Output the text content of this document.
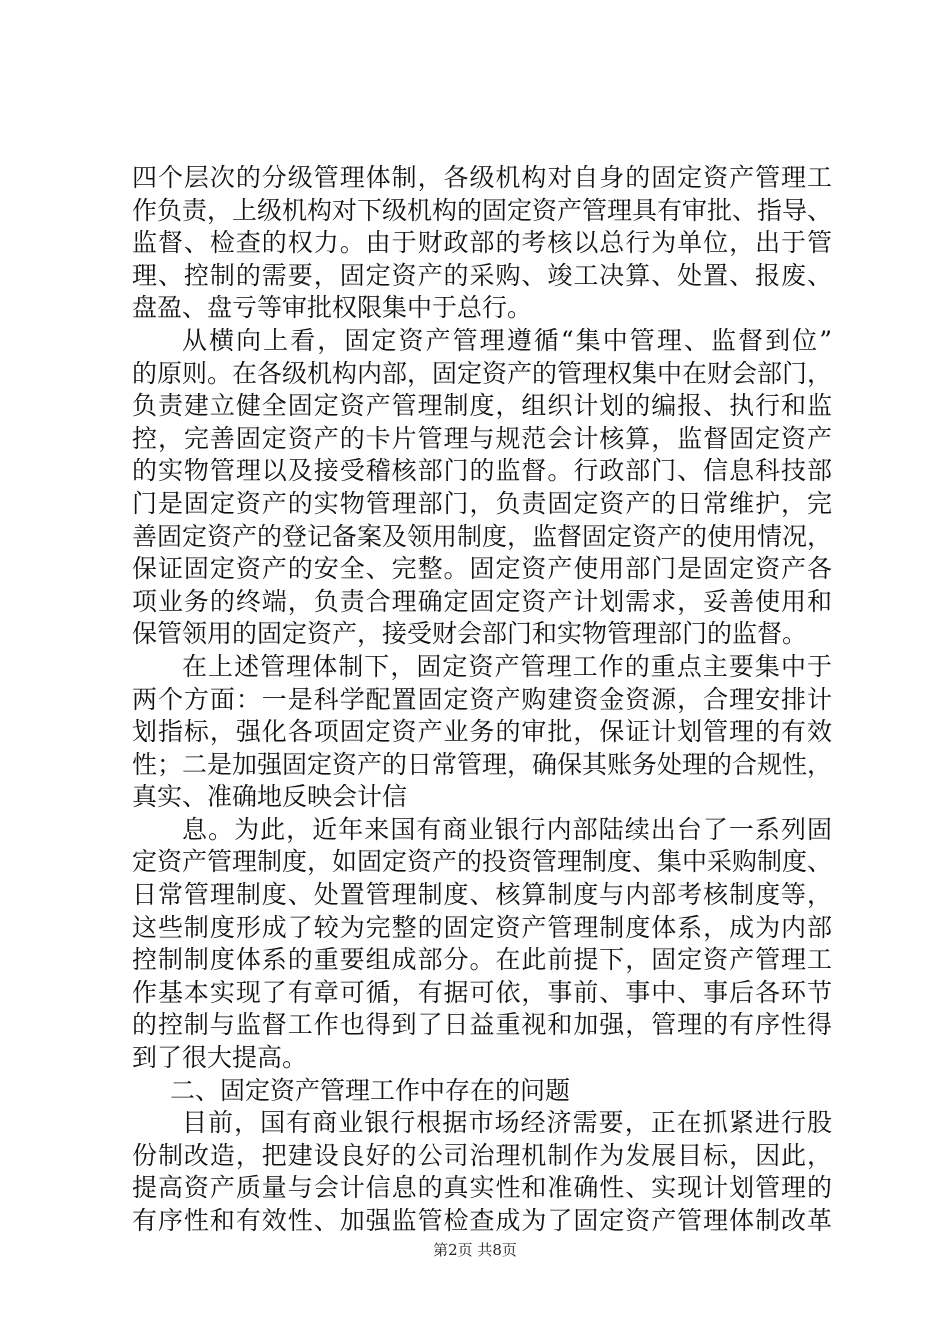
四个层次的分级管理体制，各级机构对自身的固定资产管理工
作负责，上级机构对下级机构的固定资产管理具有审批、指导、
监督、检查的权力。由于财政部的考核以总行为单位，出于管
理、控制的需要，固定资产的采购、竣工决算、处置、报废、
盘盈、盘亏等审批权限集中于总行。
从横向上看，固定资产管理遵循“集中管理、监督到位”
的原则。在各级机构内部，固定资产的管理权集中在财会部门，
负责建立健全固定资产管理制度，组织计划的编报、执行和监
控，完善固定资产的卡片管理与规范会计核算，监督固定资产
的实物管理以及接受稽核部门的监督。行政部门、信息科技部
门是固定资产的实物管理部门，负责固定资产的日常维护，完
善固定资产的登记备案及领用制度，监督固定资产的使用情况，
保证固定资产的安全、完整。固定资产使用部门是固定资产各
项业务的终端，负责合理确定固定资产计划需求，妥善使用和
保管领用的固定资产，接受财会部门和实物管理部门的监督。
在上述管理体制下，固定资产管理工作的重点主要集中于
两个方面：一是科学配置固定资产购建资金资源，合理安排计
划指标，强化各项固定资产业务的审批，保证计划管理的有效
性；二是加强固定资产的日常管理，确保其账务处理的合规性，
真实、准确地反映会计信
息。为此，近年来国有商业银行内部陆续出台了一系列固
定资产管理制度，如固定资产的投资管理制度、集中采购制度、
日常管理制度、处置管理制度、核算制度与内部考核制度等，
这些制度形成了较为完整的固定资产管理制度体系，成为内部
控制制度体系的重要组成部分。在此前提下，固定资产管理工
作基本实现了有章可循，有据可依，事前、事中、事后各环节
的控制与监督工作也得到了日益重视和加强，管理的有序性得
到了很大提高。
二、固定资产管理工作中存在的问题
目前，国有商业银行根据市场经济需要，正在抓紧进行股
份制改造，把建设良好的公司治理机制作为发展目标，因此，
提高资产质量与会计信息的真实性和准确性、实现计划管理的
有序性和有效性、加强监管检查成为了固定资产管理体制改革
第2页 共8页
